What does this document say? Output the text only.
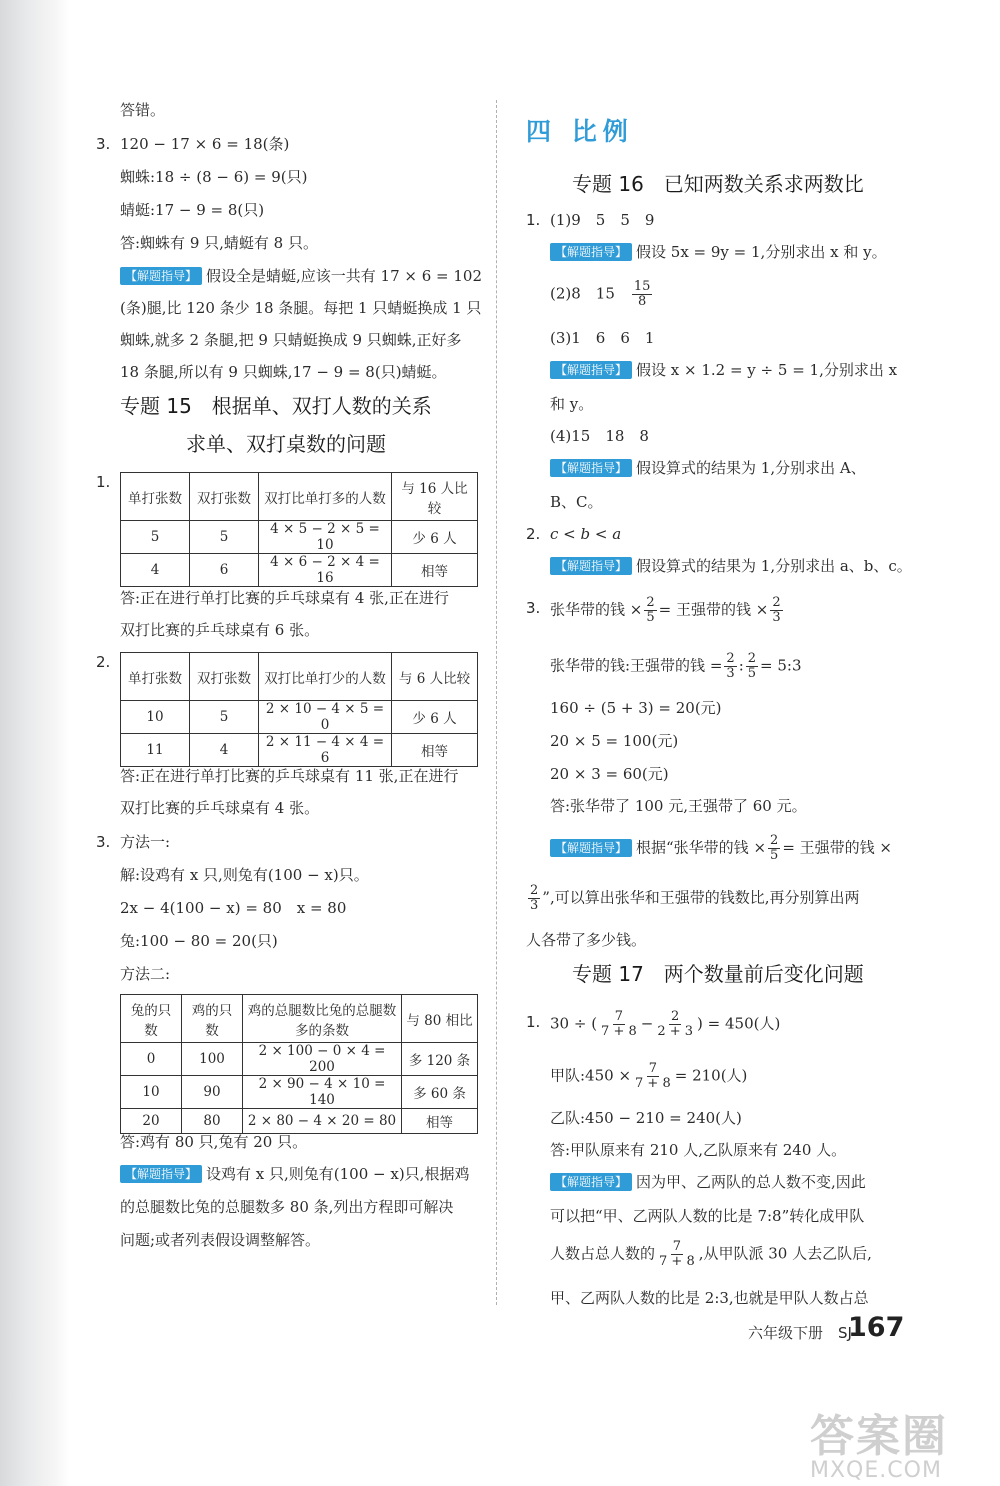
答错。
3. 120 − 17 × 6 = 18(条)
蜘蛛:18 ÷ (8 − 6) = 9(只)
蜻蜓:17 − 9 = 8(只)
答:蜘蛛有 9 只,蜻蜓有 8 只。
【解题指导】 假设全是蜻蜓,应该一共有 17 × 6 = 102
(条)腿,比 120 条少 18 条腿。每把 1 只蜻蜓换成 1 只
蜘蛛,就多 2 条腿,把 9 只蜻蜓换成 9 只蜘蛛,正好多
18 条腿,所以有 9 只蜘蛛,17 − 9 = 8(只)蜻蜓。
专题 15　根据单、双打人数的关系
求单、双打桌数的问题
1.
单打张数	双打张数	双打比单打多的人数	与 16 人比较
5	5	4 × 5 − 2 × 5 = 10	少 6 人
4	6	4 × 6 − 2 × 4 = 16	相等
答:正在进行单打比赛的乒乓球桌有 4 张,正在进行
双打比赛的乒乓球桌有 6 张。
2.
单打张数	双打张数	双打比单打少的人数	与 6 人比较
10	5	2 × 10 − 4 × 5 = 0	少 6 人
11	4	2 × 11 − 4 × 4 = 6	相等
答:正在进行单打比赛的乒乓球桌有 11 张,正在进行
双打比赛的乒乓球桌有 4 张。
3. 方法一:
解:设鸡有 x 只,则兔有(100 − x)只。
2x − 4(100 − x) = 80　x = 80
兔:100 − 80 = 20(只)
方法二:
兔的只数	鸡的只数	鸡的总腿数比兔的总腿数多的条数	与 80 相比
0	100	2 × 100 − 0 × 4 = 200	多 120 条
10	90	2 × 90 − 4 × 10 = 140	多 60 条
20	80	2 × 80 − 4 × 20 = 80	相等
答:鸡有 80 只,兔有 20 只。
【解题指导】 设鸡有 x 只,则兔有(100 − x)只,根据鸡
的总腿数比兔的总腿数多 80 条,列出方程即可解决
问题;或者列表假设调整解答。
四 比例
专题 16　已知两数关系求两数比
1. (1)9　5　5　9
【解题指导】 假设 5x = 9y = 1,分别求出 x 和 y。
(2)8　15　 $\frac{15}{8}$
(3)1　6　6　1
【解题指导】 假设 x × 1.2 = y ÷ 5 = 1,分别求出 x
和 y。
(4)15　18　8
【解题指导】 假设算式的结果为 1,分别求出 A、
B、C。
2. c < b < a
【解题指导】 假设算式的结果为 1,分别求出 a、b、c。
3. 张华带的钱 × $\frac{2}{5}$ = 王强带的钱 × $\frac{2}{3}$
张华带的钱:王强带的钱 = $\frac{2}{3}$ : $\frac{2}{5}$ = 5:3
160 ÷ (5 + 3) = 20(元)
20 × 5 = 100(元)
20 × 3 = 60(元)
答:张华带了 100 元,王强带了 60 元。
【解题指导】 根据“张华带的钱 × $\frac{2}{5}$ = 王强带的钱 ×
$\frac{2}{3}$ ”,可以算出张华和王强带的钱数比,再分别算出两
人各带了多少钱。
专题 17　两个数量前后变化问题
1. 30 ÷ ( $\frac{7}{7 + 8} - \frac{2}{2 + 3}$ ) = 450(人)
甲队:450 × $\frac{7}{7 + 8} = 210$(人)
乙队:450 − 210 = 240(人)
答:甲队原来有 210 人,乙队原来有 240 人。
【解题指导】 因为甲、乙两队的总人数不变,因此
可以把“甲、乙两队人数的比是 7:8”转化成甲队
人数占总人数的 $\frac{7}{7 + 8}$ ,从甲队派 30 人去乙队后,
甲、乙两队人数的比是 2:3,也就是甲队人数占总
六年级下册　SJ
167
答案圈
MXQE.COM
